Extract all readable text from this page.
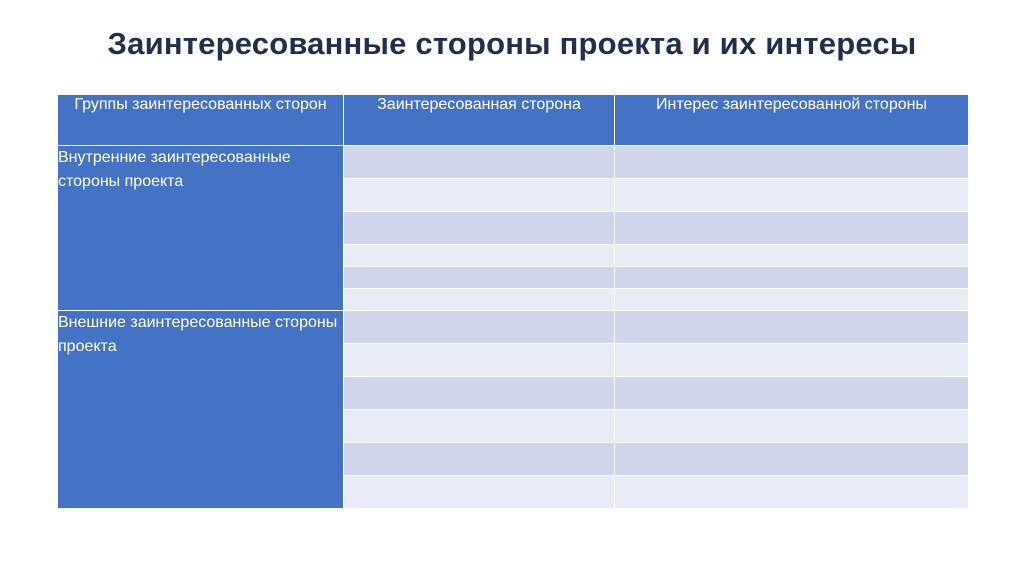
Заинтересованные стороны проекта и их интересы
Группы заинтересованных сторон	Заинтересованная сторона	Интерес заинтересованной стороны
Внутренние заинтересованные стороны проекта		

Внешние заинтересованные стороны проекта		
